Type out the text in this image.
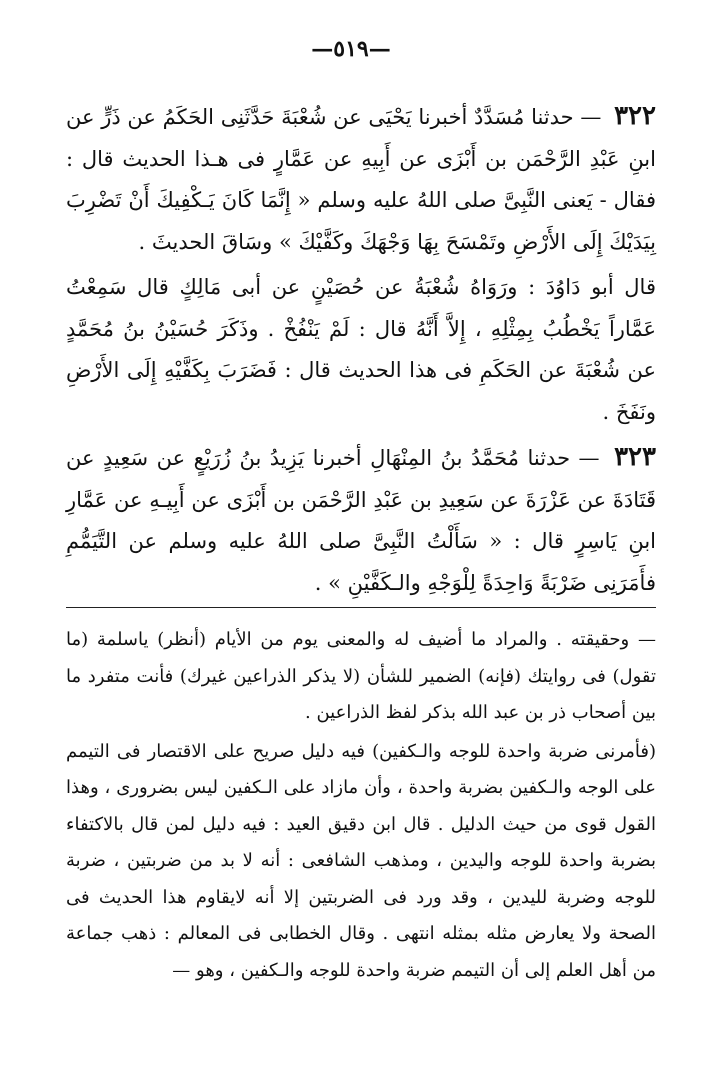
—٥١٩—

٣٢٢ — حدثنا مُسَدَّدٌ أخبرنا يَحْيَى عن شُعْبَةَ حَدَّثَنِى الحَكَمُ عن ذَرٍّ عن ابنِ عَبْدِ الرَّحْمَن بن أَبْزَى عن أَبِيهِ عن عَمَّارٍ فى هـذا الحديث قال : فقال - يَعنى النَّبِىَّ صلى اللهُ عليه وسلم « إِنَّمَا كَانَ يَـكْفِيكَ أَنْ تَضْرِبَ بِيَدَيْكَ إِلَى الأَرْضِ وتَمْسَحَ بِهَا وَجْهَكَ وكَفَّيْكَ » وسَاقَ الحديثَ .

قال أبو دَاوُدَ : ورَوَاهُ شُعْبَةُ عن حُصَيْنٍ عن أبى مَالِكٍ قال سَمِعْتُ عَمَّاراً يَخْطُبُ بِمِثْلِهِ ، إِلاَّ أَنَّهُ قال : لَمْ يَنْفُخْ . وذَكَرَ حُسَيْنُ بنُ مُحَمَّدٍ عن شُعْبَةَ عن الحَكَمِ فى هذا الحديث قال : فَضَرَبَ بِكَفَّيْهِ إِلَى الأَرْضِ ونَفَخَ .

٣٢٣ — حدثنا مُحَمَّدُ بنُ المِنْهَالِ أخبرنا يَزِيدُ بنُ زُرَيْعٍ عن سَعِيدٍ عن قَتَادَةَ عن عَزْرَةَ عن سَعِيدِ بن عَبْدِ الرَّحْمَن بن أَبْزَى عن أَبِيـهِ عن عَمَّارِ ابنِ يَاسِرٍ قال : « سَأَلْتُ النَّبِىَّ صلى اللهُ عليه وسلم عن التَّيَمُّمِ فأَمَرَنِى ضَرْبَةً وَاحِدَةً لِلْوَجْهِ والـكَفَّيْنِ » .

— وحقيقته . والمراد ما أضيف له والمعنى يوم من الأيام (أنظر) ياسلمة (ما تقول) فى روايتك (فإنه) الضمير للشأن (لا يذكر الذراعين غيرك) فأنت متفرد ما بين أصحاب ذر بن عبد الله بذكر لفظ الذراعين .

(فأمرنى ضربة واحدة للوجه والـكفين) فيه دليل صريح على الاقتصار فى التيمم على الوجه والـكفين بضربة واحدة ، وأن مازاد على الـكفين ليس بضرورى ، وهذا القول قوى من حيث الدليل . قال ابن دقيق العيد : فيه دليل لمن قال بالاكتفاء بضربة واحدة للوجه واليدين ، ومذهب الشافعى : أنه لا بد من ضربتين ، ضربة للوجه وضربة لليدين ، وقد ورد فى الضربتين إلا أنه لايقاوم هذا الحديث فى الصحة ولا يعارض مثله بمثله انتهى . وقال الخطابى فى المعالم : ذهب جماعة من أهل العلم إلى أن التيمم ضربة واحدة للوجه والـكفين ، وهو —
